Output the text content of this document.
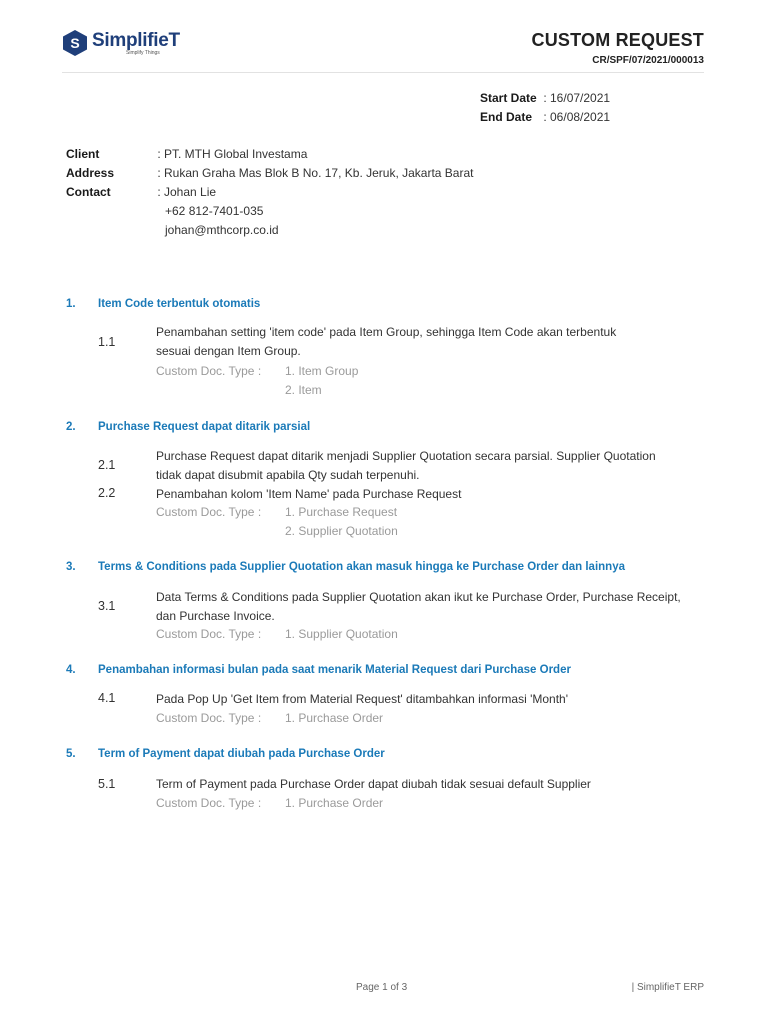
S SimplifieT
Simplify Things
CUSTOM REQUEST
CR/SPF/07/2021/000013
Start Date : 16/07/2021
End Date : 06/08/2021
Client	: PT. MTH Global Investama
Address	: Rukan Graha Mas Blok B No. 17, Kb. Jeruk, Jakarta Barat
Contact	: Johan Lie
+62 812-7401-035
johan@mthcorp.co.id
1.	Item Code terbentuk otomatis
1.1
Penambahan setting 'item code' pada Item Group, sehingga Item Code akan terbentuk
sesuai dengan Item Group.
Custom Doc. Type : 1. Item Group
2. Item
2.	Purchase Request dapat ditarik parsial
2.1
Purchase Request dapat ditarik menjadi Supplier Quotation secara parsial. Supplier Quotation
tidak dapat disubmit apabila Qty sudah terpenuhi.
2.2	Penambahan kolom 'Item Name' pada Purchase Request
Custom Doc. Type : 1. Purchase Request
2. Supplier Quotation
3.	Terms & Conditions pada Supplier Quotation akan masuk hingga ke Purchase Order dan lainnya
3.1
Data Terms & Conditions pada Supplier Quotation akan ikut ke Purchase Order, Purchase Receipt,
dan Purchase Invoice.
Custom Doc. Type : 1. Supplier Quotation
4.	Penambahan informasi bulan pada saat menarik Material Request dari Purchase Order
4.1	Pada Pop Up 'Get Item from Material Request' ditambahkan informasi 'Month'
Custom Doc. Type : 1. Purchase Order
5.	Term of Payment dapat diubah pada Purchase Order
5.1	Term of Payment pada Purchase Order dapat diubah tidak sesuai default Supplier
Custom Doc. Type : 1. Purchase Order
Page 1 of 3	| SimplifieT ERP
